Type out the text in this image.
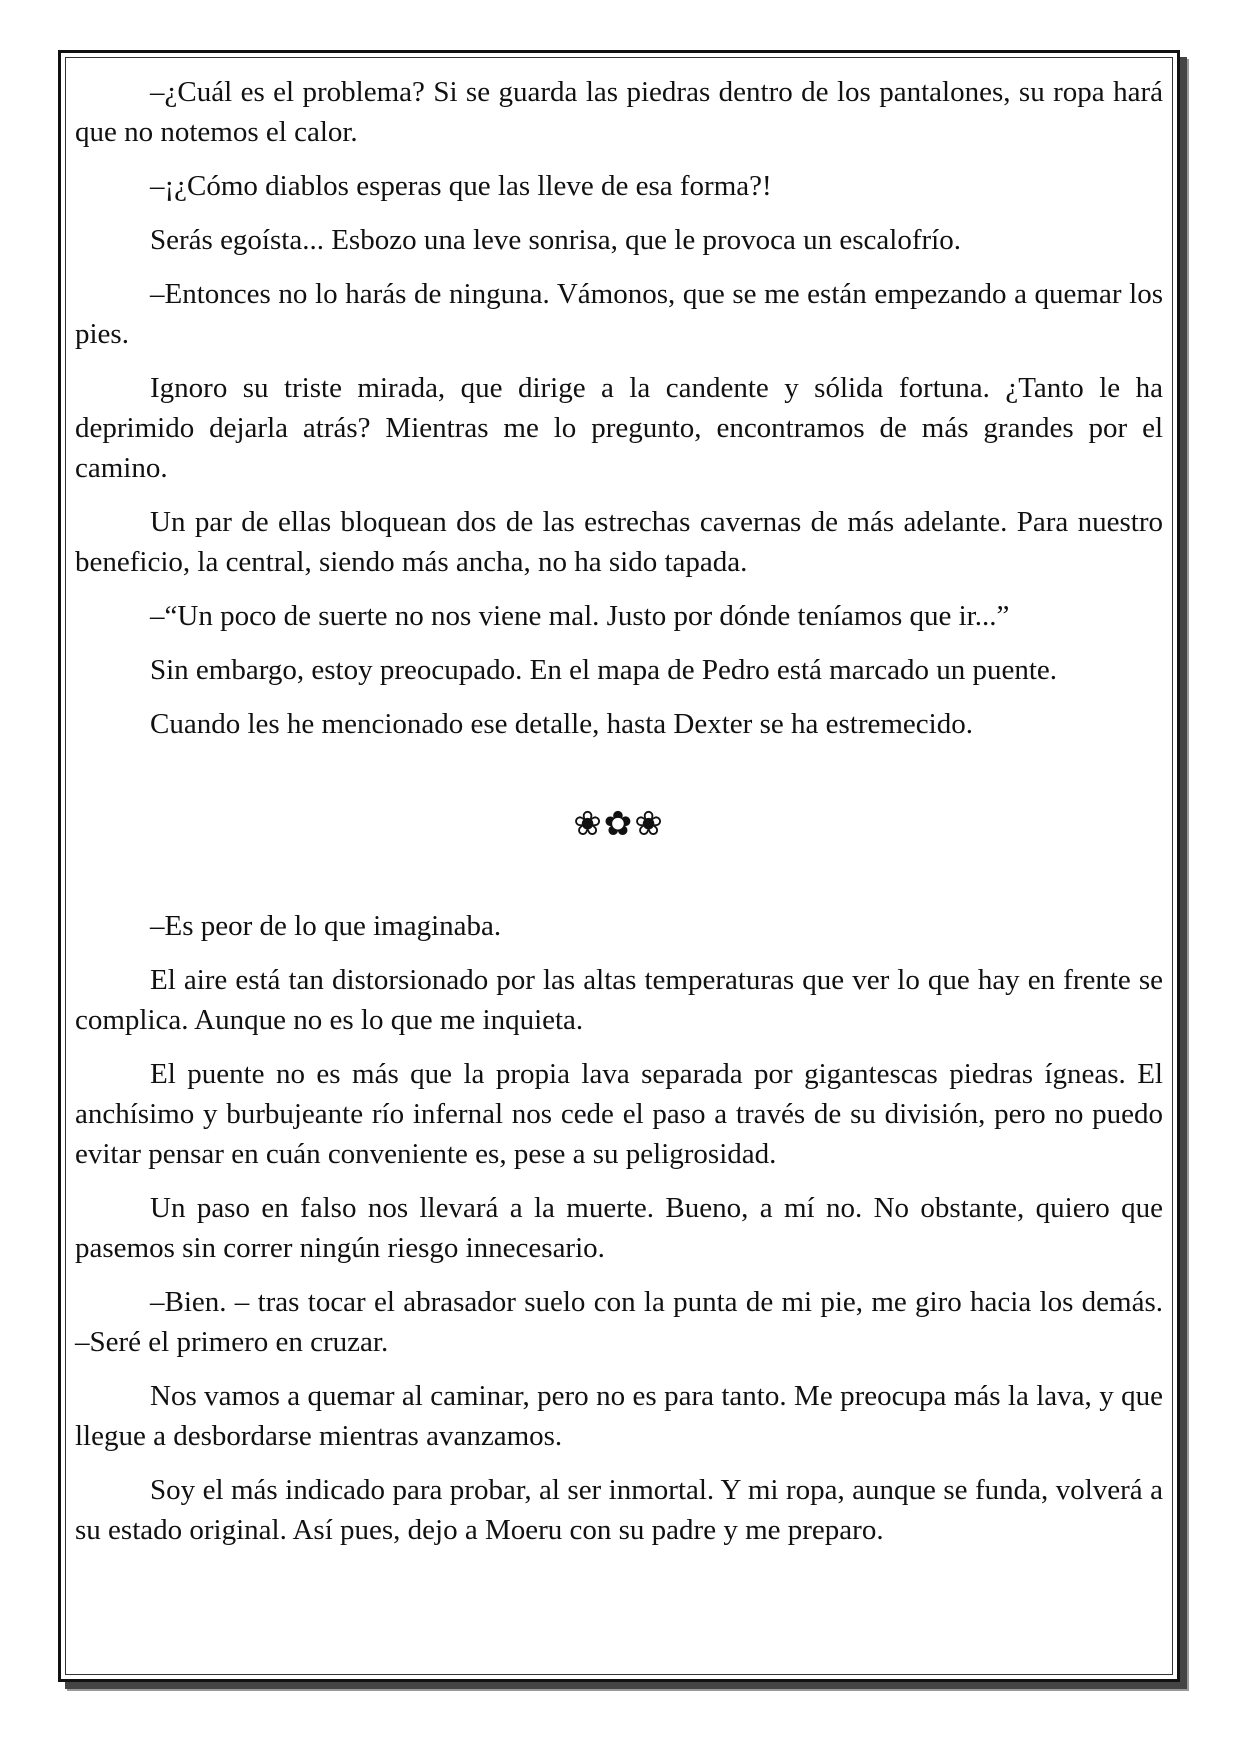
–¿Cuál es el problema? Si se guarda las piedras dentro de los pantalones, su ropa hará que no notemos el calor.

–¡¿Cómo diablos esperas que las lleve de esa forma?!

Serás egoísta... Esbozo una leve sonrisa, que le provoca un escalofrío.

–Entonces no lo harás de ninguna. Vámonos, que se me están empezando a quemar los pies.

Ignoro su triste mirada, que dirige a la candente y sólida fortuna. ¿Tanto le ha deprimido dejarla atrás? Mientras me lo pregunto, encontramos de más grandes por el camino.

Un par de ellas bloquean dos de las estrechas cavernas de más adelante. Para nuestro beneficio, la central, siendo más ancha, no ha sido tapada.

–“Un poco de suerte no nos viene mal. Justo por dónde teníamos que ir...”

Sin embargo, estoy preocupado. En el mapa de Pedro está marcado un puente.

Cuando les he mencionado ese detalle, hasta Dexter se ha estremecido.

❀✿❀

–Es peor de lo que imaginaba.

El aire está tan distorsionado por las altas temperaturas que ver lo que hay en frente se complica. Aunque no es lo que me inquieta.

El puente no es más que la propia lava separada por gigantescas piedras ígneas. El anchísimo y burbujeante río infernal nos cede el paso a través de su división, pero no puedo evitar pensar en cuán conveniente es, pese a su peligrosidad.

Un paso en falso nos llevará a la muerte. Bueno, a mí no. No obstante, quiero que pasemos sin correr ningún riesgo innecesario.

–Bien. – tras tocar el abrasador suelo con la punta de mi pie, me giro hacia los demás. –Seré el primero en cruzar.

Nos vamos a quemar al caminar, pero no es para tanto. Me preocupa más la lava, y que llegue a desbordarse mientras avanzamos.

Soy el más indicado para probar, al ser inmortal. Y mi ropa, aunque se funda, volverá a su estado original. Así pues, dejo a Moeru con su padre y me preparo.
